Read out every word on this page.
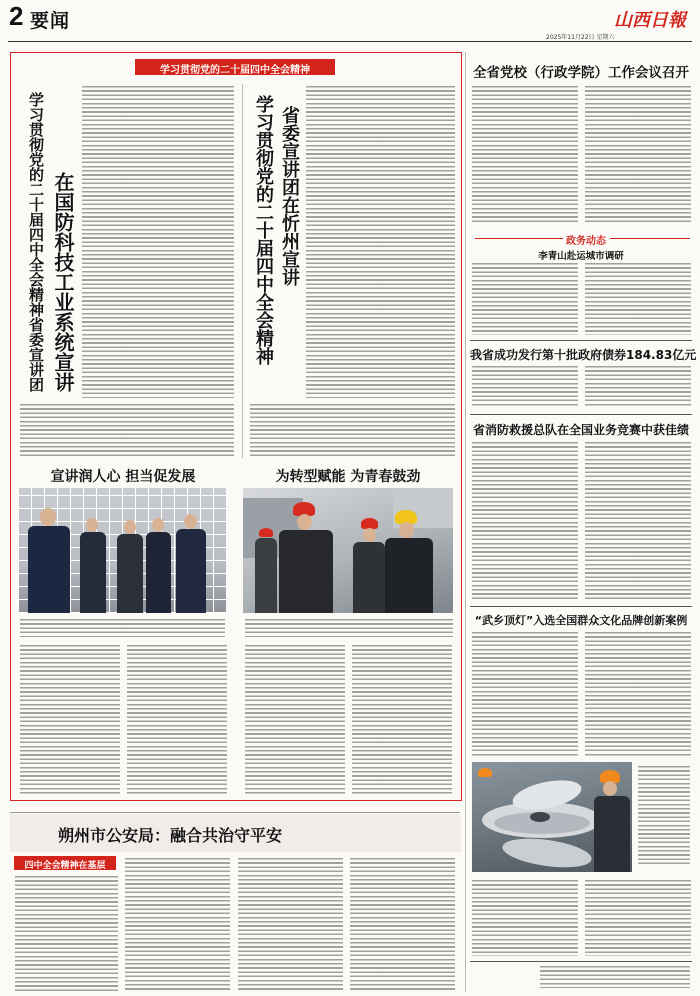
2 要闻	山西日報
2025年11月22日 星期六
学习贯彻党的二十届四中全会精神
学习贯彻党的二十届四中全会精神省委宣讲团 在国防科技工业系统宣讲	学习贯彻党的二十届四中全会精神 省委宣讲团在忻州宣讲
宣讲润人心 担当促发展	为转型赋能 为青春鼓劲
朔州市公安局：融合共治守平安
四中全会精神在基层
全省党校（行政学院）工作会议召开
政务动态
李青山赴运城市调研
我省成功发行第十批政府债券184.83亿元
省消防救援总队在全国业务竞赛中获佳绩
“武乡顶灯”入选全国群众文化品牌创新案例
